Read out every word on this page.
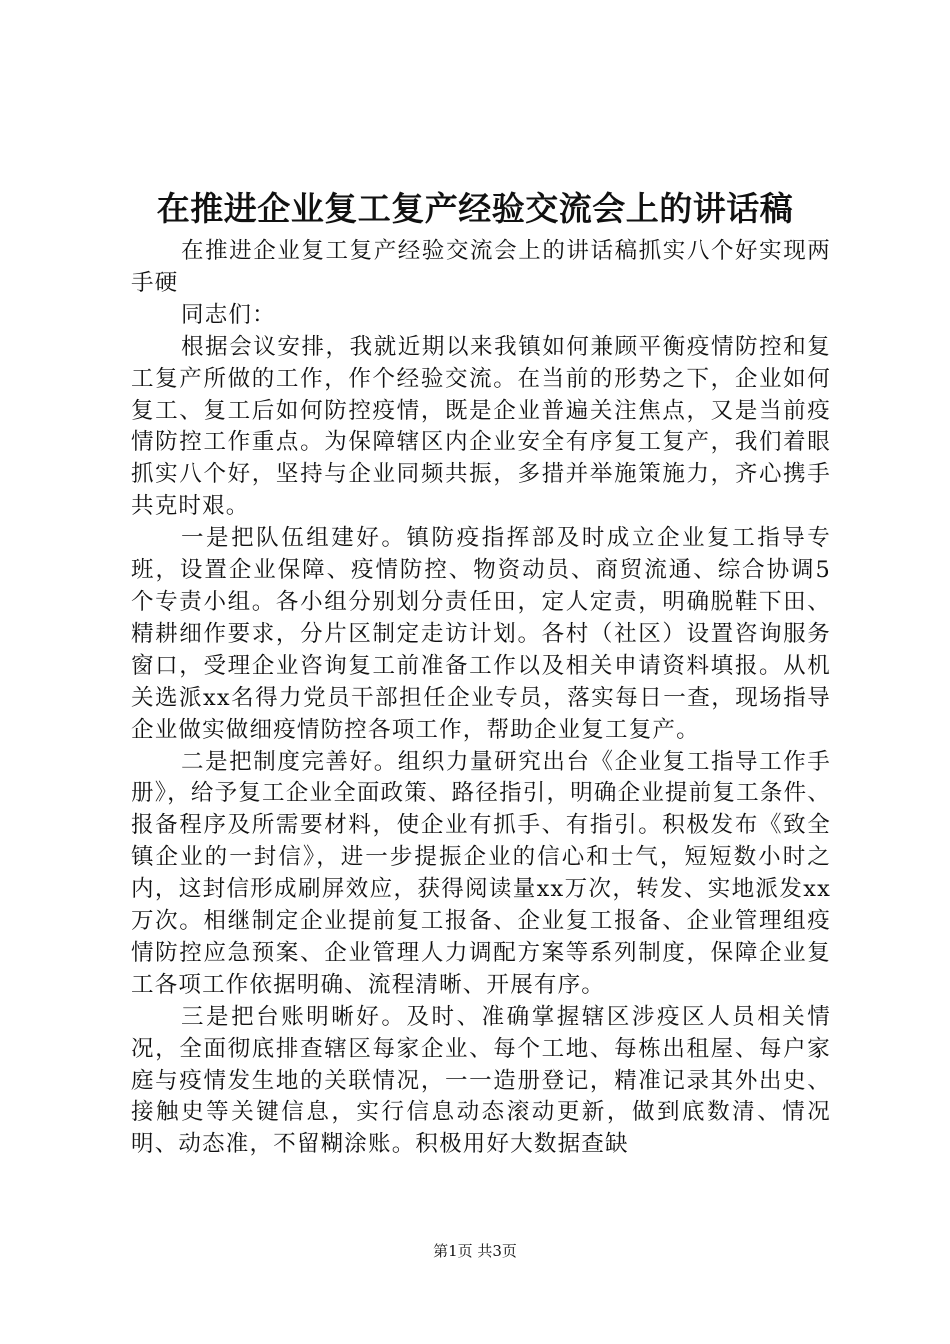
在推进企业复工复产经验交流会上的讲话稿

在推进企业复工复产经验交流会上的讲话稿抓实八个好实现两手硬

同志们：

根据会议安排，我就近期以来我镇如何兼顾平衡疫情防控和复工复产所做的工作，作个经验交流。在当前的形势之下，企业如何复工、复工后如何防控疫情，既是企业普遍关注焦点，又是当前疫情防控工作重点。为保障辖区内企业安全有序复工复产，我们着眼抓实八个好，坚持与企业同频共振，多措并举施策施力，齐心携手共克时艰。

一是把队伍组建好。镇防疫指挥部及时成立企业复工指导专班，设置企业保障、疫情防控、物资动员、商贸流通、综合协调5个专责小组。各小组分别划分责任田，定人定责，明确脱鞋下田、精耕细作要求，分片区制定走访计划。各村（社区）设置咨询服务窗口，受理企业咨询复工前准备工作以及相关申请资料填报。从机关选派xx名得力党员干部担任企业专员，落实每日一查，现场指导企业做实做细疫情防控各项工作，帮助企业复工复产。

二是把制度完善好。组织力量研究出台《企业复工指导工作手册》，给予复工企业全面政策、路径指引，明确企业提前复工条件、报备程序及所需要材料，使企业有抓手、有指引。积极发布《致全镇企业的一封信》，进一步提振企业的信心和士气，短短数小时之内，这封信形成刷屏效应，获得阅读量xx万次，转发、实地派发xx万次。相继制定企业提前复工报备、企业复工报备、企业管理组疫情防控应急预案、企业管理人力调配方案等系列制度，保障企业复工各项工作依据明确、流程清晰、开展有序。

三是把台账明晰好。及时、准确掌握辖区涉疫区人员相关情况，全面彻底排查辖区每家企业、每个工地、每栋出租屋、每户家庭与疫情发生地的关联情况，一一造册登记，精准记录其外出史、接触史等关键信息，实行信息动态滚动更新，做到底数清、情况明、动态准，不留糊涂账。积极用好大数据查缺

第1页 共3页
